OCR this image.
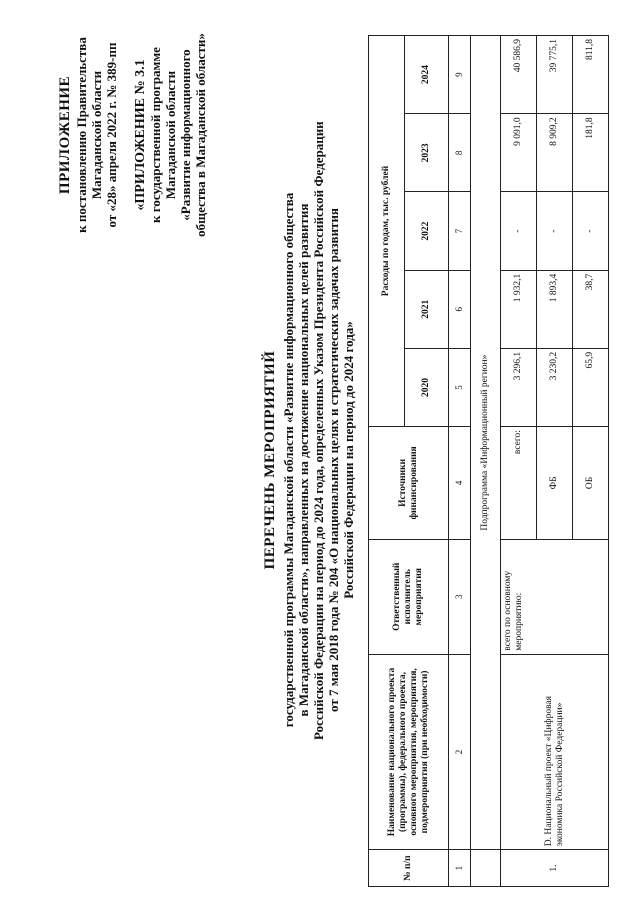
ПРИЛОЖЕНИЕ к постановлению Правительства Магаданской области от «28» апреля 2022 г. № 389-пп «ПРИЛОЖЕНИЕ № 3.1 к государственной программе Магаданской области «Развитие информационного общества в Магаданской области»
ПЕРЕЧЕНЬ МЕРОПРИЯТИЙ государственной программы Магаданской области «Развитие информационного общества в Магаданской области», направленных на достижение национальных целей развития Российской Федерации на период до 2024 года, определенных Указом Президента Российской Федерации от 7 мая 2018 года № 204 «О национальных целях и стратегических задачах развития Российской Федерации на период до 2024 года»
№ п/п	Наименование национального проекта (программы), федерального проекта, основного мероприятия, мероприятия, подмероприятия (при необходимости)	Ответственный исполнитель мероприятия	Источники финансирования	Расходы по годам, тыс. рублей				
				2020	2021	2022	2023	2024
1	2	3	4	5	6	7	8	9
	Подпрограмма «Информационный регион»							
1.	D. Национальный проект «Цифровая экономика Российской Федерации»	всего по основному мероприятию:	всего:	3 296,1	1 932,1	-	9 091,0	40 586,9
			ФБ	3 230,2	1 893,4	-	8 909,2	39 775,1
			ОБ	65,9	38,7	-	181,8	811,8
